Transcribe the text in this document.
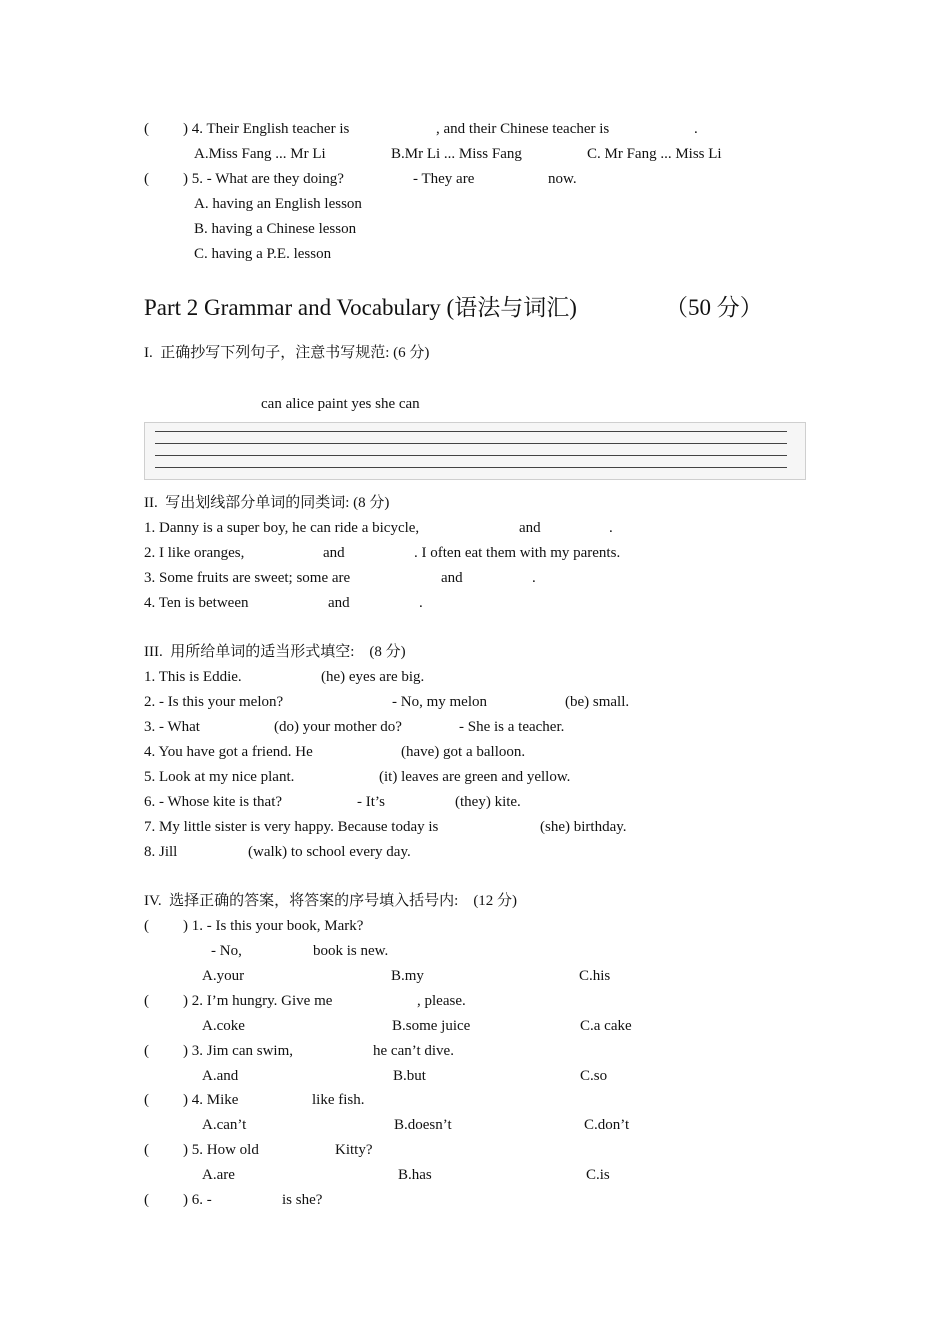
( ) 4. Their English teacher is	, and their Chinese teacher is	.
A.Miss Fang ... Mr Li	B.Mr Li ... Miss Fang	C. Mr Fang ... Miss Li
( ) 5. - What are they doing?	- They are	now.
A. having an English lesson
B. having a Chinese lesson
C. having a P.E. lesson
Part 2 Grammar and Vocabulary (语法与词汇)	（50 分）
I.  正确抄写下列句子，注意书写规范: (6 分)
can alice paint yes she can
II.  写出划线部分单词的同类词: (8 分)
1. Danny is a super boy, he can ride a bicycle,	and	.
2. I like oranges,	and	. I often eat them with my parents.
3. Some fruits are sweet; some are	and	.
4. Ten is between	and	.
III.  用所给单词的适当形式填空:    (8 分)
1. This is Eddie.	(he) eyes are big.
2. - Is this your melon?	- No, my melon	(be) small.
3. - What	(do) your mother do?	- She is a teacher.
4. You have got a friend. He	(have) got a balloon.
5. Look at my nice plant.	(it) leaves are green and yellow.
6. - Whose kite is that?	- It’s	(they) kite.
7. My little sister is very happy. Because today is	(she) birthday.
8. Jill	(walk) to school every day.
IV.  选择正确的答案，将答案的序号填入括号内:    (12 分)
( ) 1. - Is this your book, Mark?
- No,	book is new.
A.your	B.my	C.his
( ) 2. I’m hungry. Give me	, please.
A.coke	B.some juice	C.a cake
( ) 3. Jim can swim,	he can’t dive.
A.and	B.but	C.so
( ) 4. Mike	like fish.
A.can’t	B.doesn’t	C.don’t
( ) 5. How old	Kitty?
A.are	B.has	C.is
( ) 6. -	is she?
